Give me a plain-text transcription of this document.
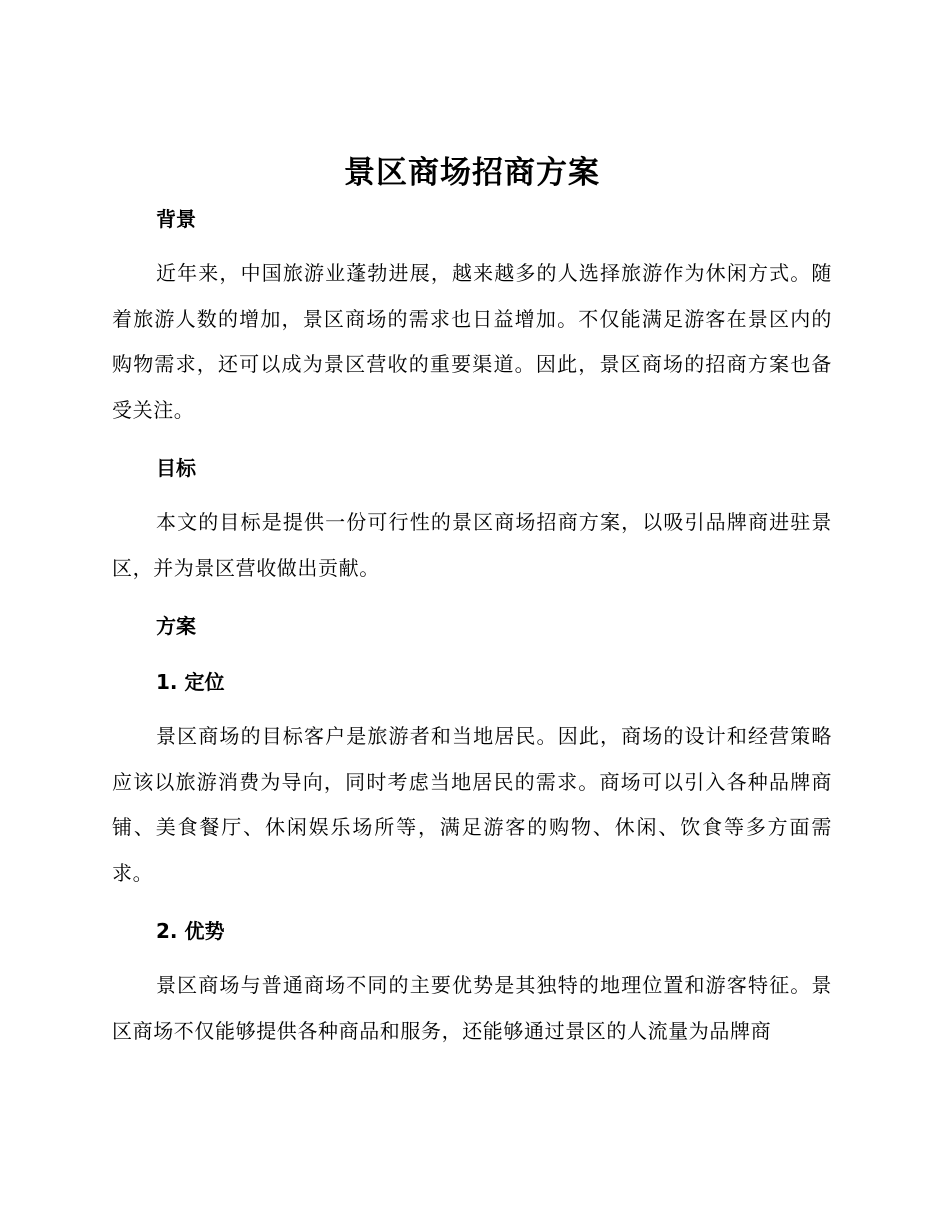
景区商场招商方案

背景

近年来，中国旅游业蓬勃进展，越来越多的人选择旅游作为休闲方式。随着旅游人数的增加，景区商场的需求也日益增加。不仅能满足游客在景区内的购物需求，还可以成为景区营收的重要渠道。因此，景区商场的招商方案也备受关注。

目标

本文的目标是提供一份可行性的景区商场招商方案，以吸引品牌商进驻景区，并为景区营收做出贡献。

方案

1. 定位

景区商场的目标客户是旅游者和当地居民。因此，商场的设计和经营策略应该以旅游消费为导向，同时考虑当地居民的需求。商场可以引入各种品牌商铺、美食餐厅、休闲娱乐场所等，满足游客的购物、休闲、饮食等多方面需求。

2. 优势

景区商场与普通商场不同的主要优势是其独特的地理位置和游客特征。景区商场不仅能够提供各种商品和服务，还能够通过景区的人流量为品牌商
